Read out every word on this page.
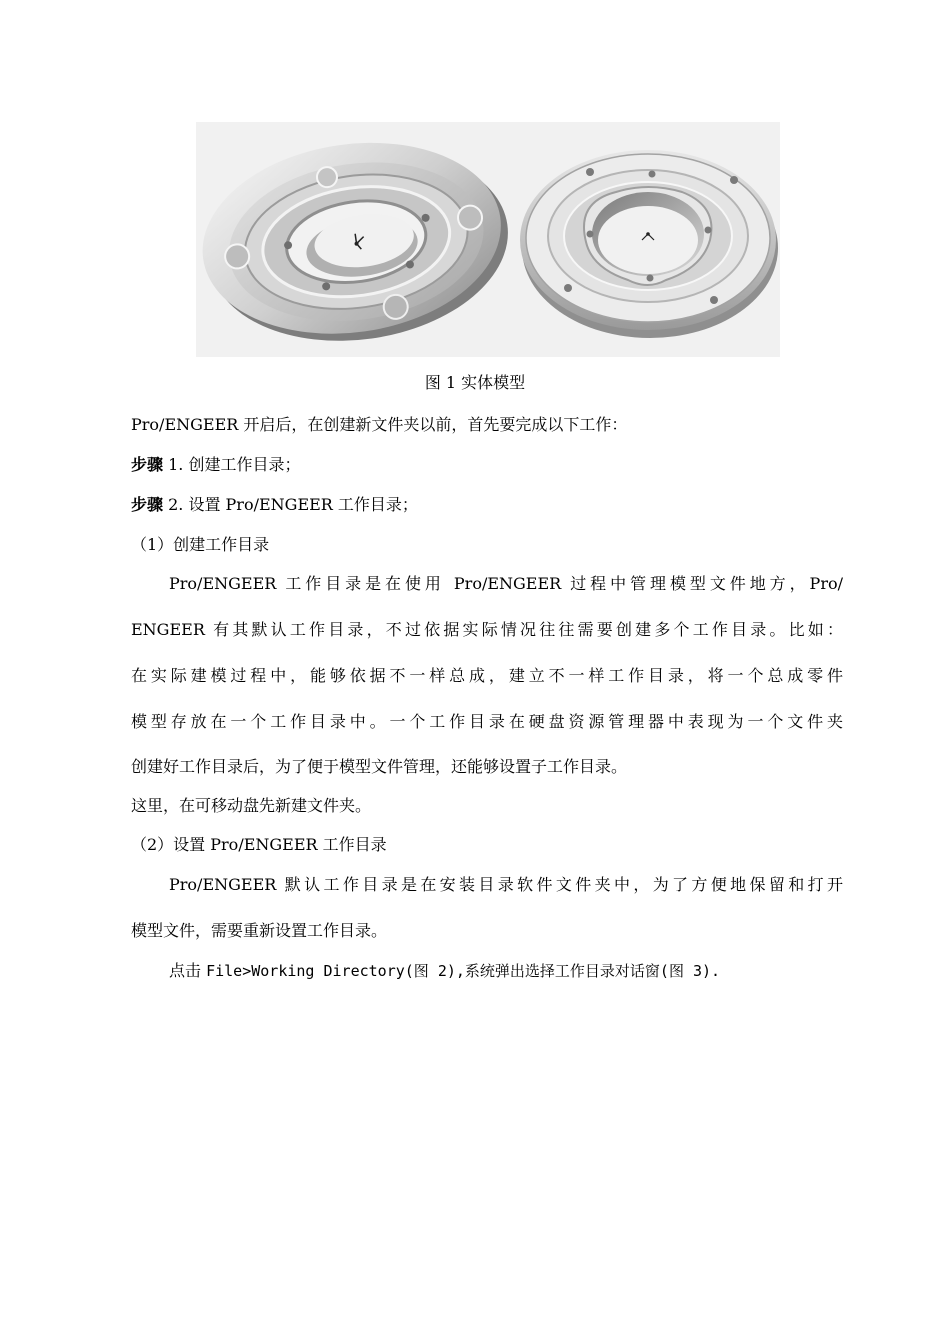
图 1 实体模型
Pro/ENGEER 开启后，在创建新文件夹以前，首先要完成以下工作：
步骤 1. 创建工作目录；
步骤 2. 设置 Pro/ENGEER 工作目录；
（1）创建工作目录
Pro/ENGEER 工作目录是在使用 Pro/ENGEER 过程中管理模型文件地方，Pro/
ENGEER 有其默认工作目录，不过依据实际情况往往需要创建多个工作目录。比如：
在实际建模过程中，能够依据不一样总成，建立不一样工作目录，将一个总成零件
模型存放在一个工作目录中。一个工作目录在硬盘资源管理器中表现为一个文件夹
创建好工作目录后，为了便于模型文件管理，还能够设置子工作目录。
这里，在可移动盘先新建文件夹。
（2）设置 Pro/ENGEER 工作目录
Pro/ENGEER 默认工作目录是在安装目录软件文件夹中，为了方便地保留和打开
模型文件，需要重新设置工作目录。
点击 File>Working Directory(图 2),系统弹出选择工作目录对话窗(图 3).
